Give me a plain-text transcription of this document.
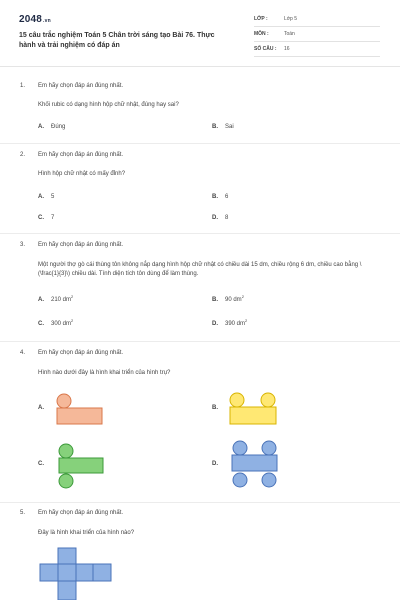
2048.vn
15 câu trắc nghiệm Toán 5 Chân trời sáng tạo Bài 76. Thực hành và trải nghiệm có đáp án
LỚP :	Lớp 5
MÔN :	Toán
SỐ CÂU : 16
1. Em hãy chọn đáp án đúng nhất.
Khối rubic có dạng hình hộp chữ nhật, đúng hay sai?
A. Đúng	B. Sai
2. Em hãy chọn đáp án đúng nhất.
Hình hộp chữ nhật có mấy đỉnh?
A. 5	B. 6
C. 7	D. 8
3. Em hãy chọn đáp án đúng nhất.
Một người thợ gò cái thùng tôn không nắp dạng hình hộp chữ nhật có chiều dài 15 dm, chiều rộng 6 dm, chiều cao bằng \(\frac{1}{3}\) chiều dài. Tính diện tích tôn dùng để làm thùng.
A. 210 $dm^2$
B. 90 $dm^2$
C. 300 $dm^2$
D. 390 $dm^2$
4. Em hãy chọn đáp án đúng nhất.
Hình nào dưới đây là hình khai triển của hình trụ?
A.	B.
C.	D.
5. Em hãy chọn đáp án đúng nhất.
Đây là hình khai triển của hình nào?
